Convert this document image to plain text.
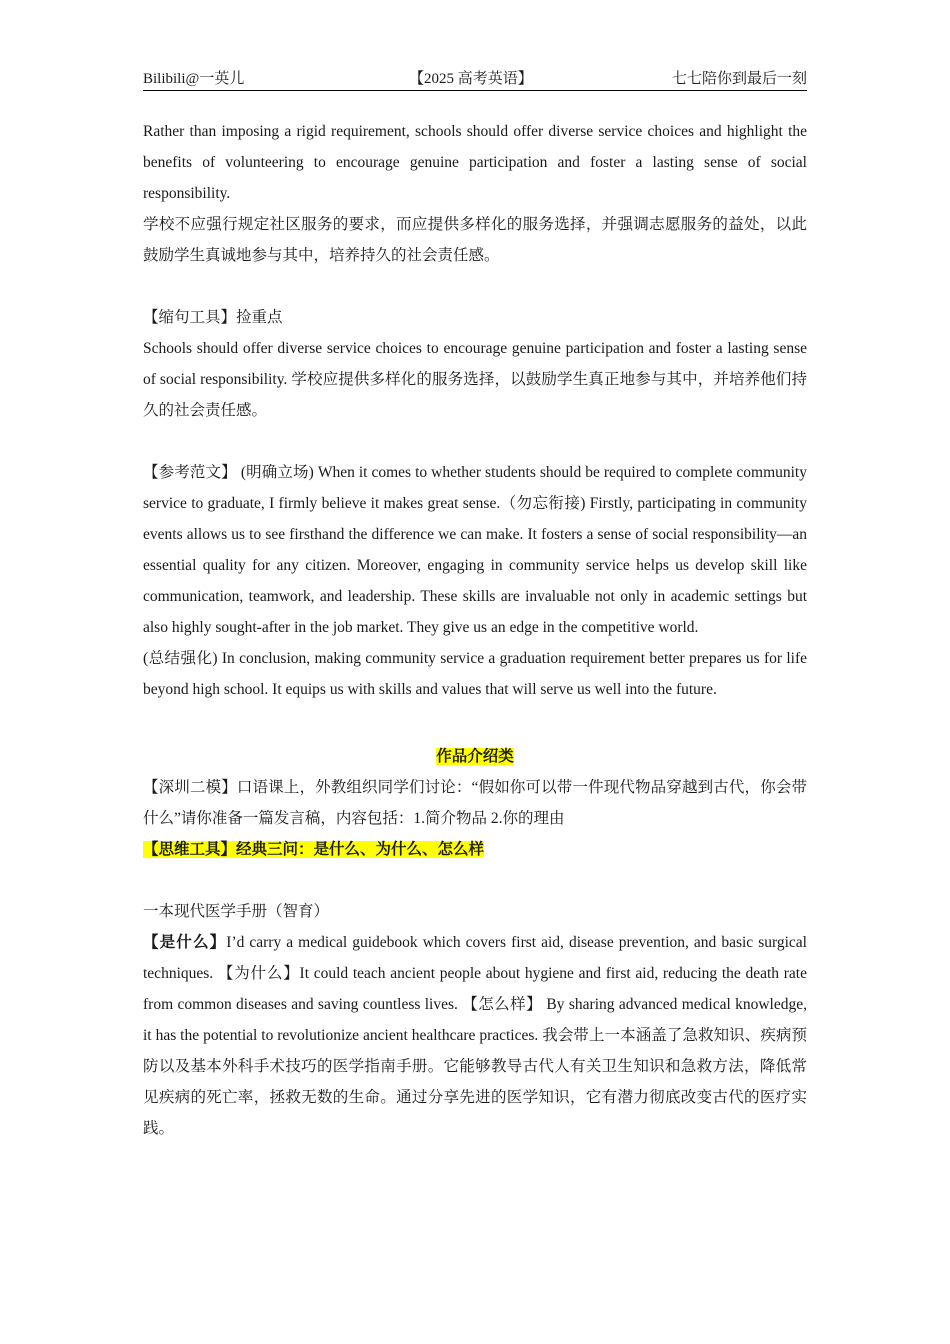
Bilibili@一英儿	【2025 高考英语】	七七陪你到最后一刻

Rather than imposing a rigid requirement, schools should offer diverse service choices and highlight the benefits of volunteering to encourage genuine participation and foster a lasting sense of social responsibility.

学校不应强行规定社区服务的要求，而应提供多样化的服务选择，并强调志愿服务的益处，以此鼓励学生真诚地参与其中，培养持久的社会责任感。

【缩句工具】捡重点

Schools should offer diverse service choices to encourage genuine participation and foster a lasting sense of social responsibility. 学校应提供多样化的服务选择，以鼓励学生真正地参与其中，并培养他们持久的社会责任感。

【参考范文】 (明确立场) When it comes to whether students should be required to complete community service to graduate, I firmly believe it makes great sense.（勿忘衔接) Firstly, participating in community events allows us to see firsthand the difference we can make. It fosters a sense of social responsibility—an essential quality for any citizen. Moreover, engaging in community service helps us develop skill like communication, teamwork, and leadership. These skills are invaluable not only in academic settings but also highly sought-after in the job market. They give us an edge in the competitive world.

(总结强化) In conclusion, making community service a graduation requirement better prepares us for life beyond high school. It equips us with skills and values that will serve us well into the future.

作品介绍类

【深圳二模】口语课上，外教组织同学们讨论：“假如你可以带一件现代物品穿越到古代，你会带什么”请你准备一篇发言稿，内容包括：1.简介物品 2.你的理由

【思维工具】经典三问：是什么、为什么、怎么样

一本现代医学手册（智育）

【是什么】I’d carry a medical guidebook which covers first aid, disease prevention, and basic surgical techniques. 【为什么】It could teach ancient people about hygiene and first aid, reducing the death rate from common diseases and saving countless lives. 【怎么样】 By sharing advanced medical knowledge, it has the potential to revolutionize ancient healthcare practices. 我会带上一本涵盖了急救知识、疾病预防以及基本外科手术技巧的医学指南手册。它能够教导古代人有关卫生知识和急救方法，降低常见疾病的死亡率，拯救无数的生命。通过分享先进的医学知识，它有潜力彻底改变古代的医疗实践。
